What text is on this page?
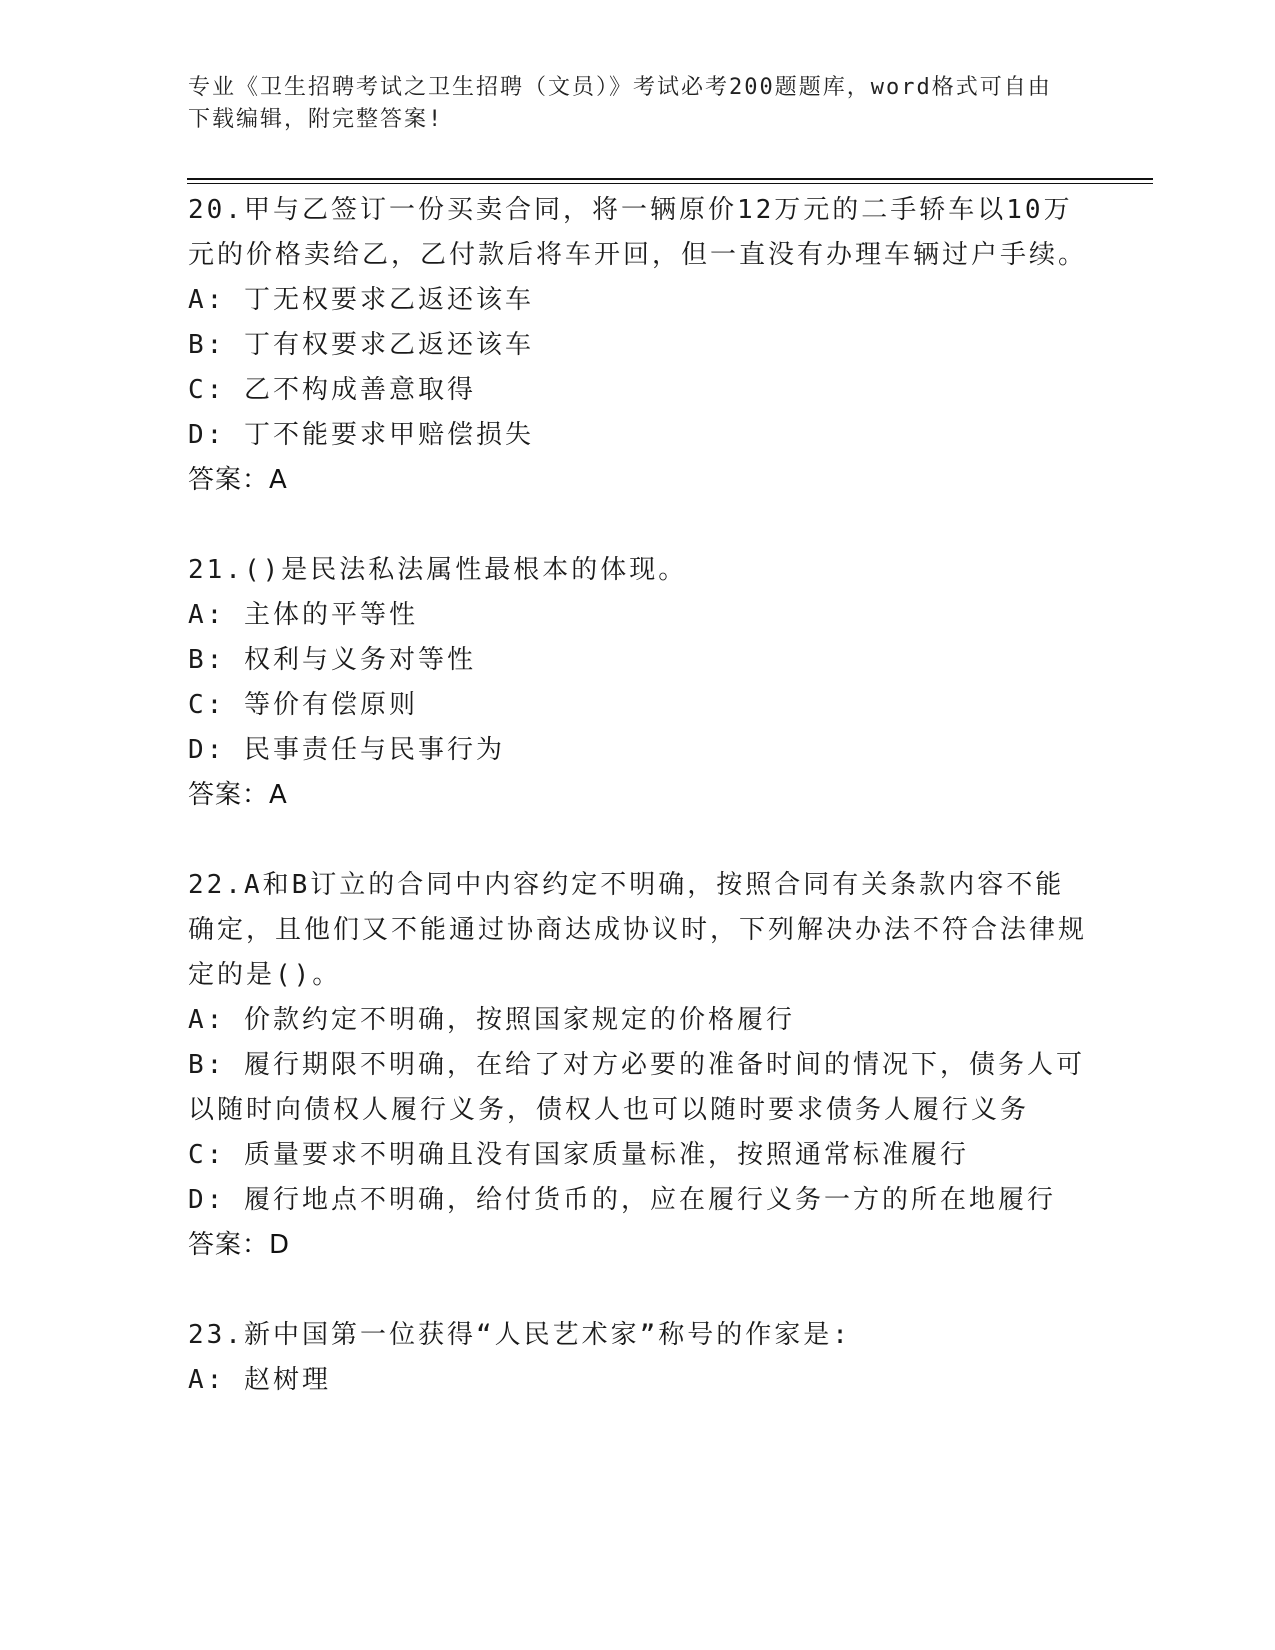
专业《卫生招聘考试之卫生招聘（文员）》考试必考200题题库，word格式可自由下载编辑，附完整答案!
20.甲与乙签订一份买卖合同，将一辆原价12万元的二手轿车以10万元的价格卖给乙，乙付款后将车开回，但一直没有办理车辆过户手续。
A: 丁无权要求乙返还该车
B: 丁有权要求乙返还该车
C: 乙不构成善意取得
D: 丁不能要求甲赔偿损失
答案：A
21.()是民法私法属性最根本的体现。
A: 主体的平等性
B: 权利与义务对等性
C: 等价有偿原则
D: 民事责任与民事行为
答案：A
22.A和B订立的合同中内容约定不明确，按照合同有关条款内容不能确定，且他们又不能通过协商达成协议时，下列解决办法不符合法律规定的是()。
A: 价款约定不明确，按照国家规定的价格履行
B: 履行期限不明确，在给了对方必要的准备时间的情况下，债务人可以随时向债权人履行义务，债权人也可以随时要求债务人履行义务
C: 质量要求不明确且没有国家质量标准，按照通常标准履行
D: 履行地点不明确，给付货币的，应在履行义务一方的所在地履行
答案：D
23.新中国第一位获得“人民艺术家”称号的作家是:
A: 赵树理
